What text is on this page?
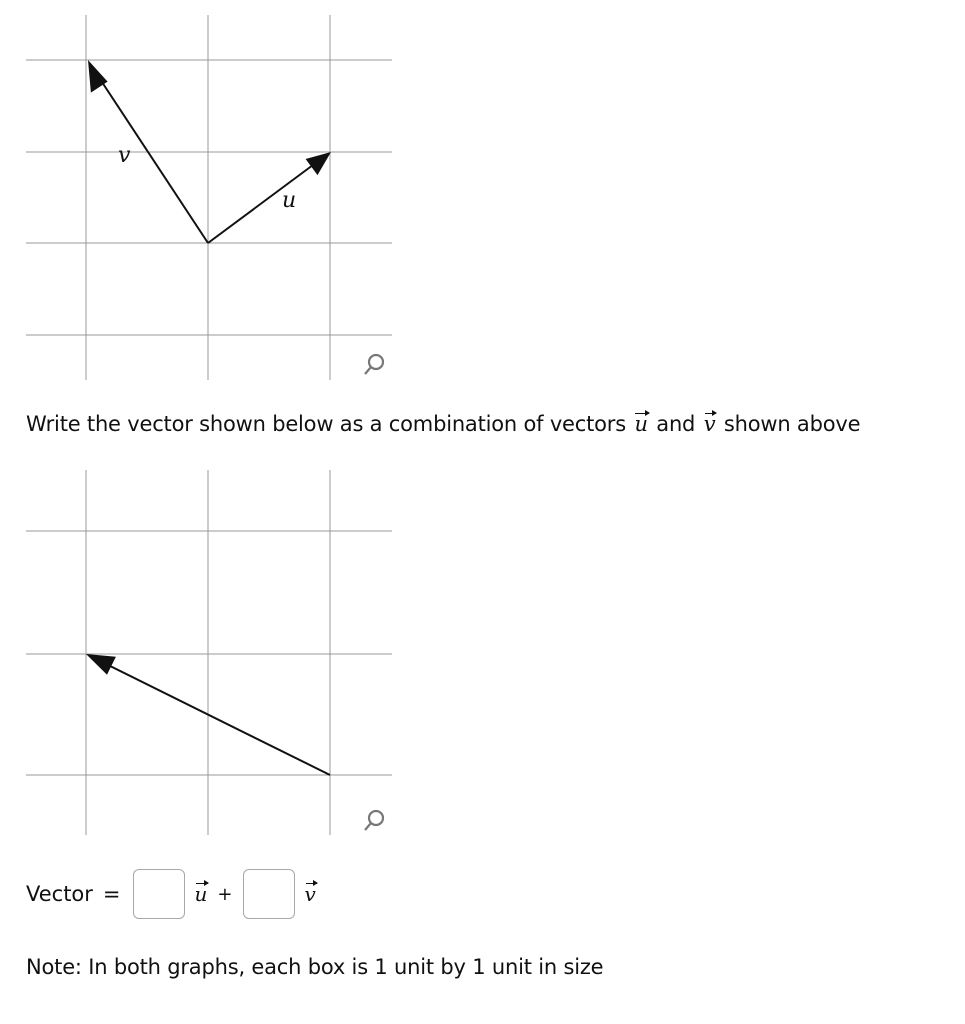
v
u
Write the vector shown below as a combination of vectors u and v shown above
Vector =	u +	v
Note: In both graphs, each box is 1 unit by 1 unit in size
